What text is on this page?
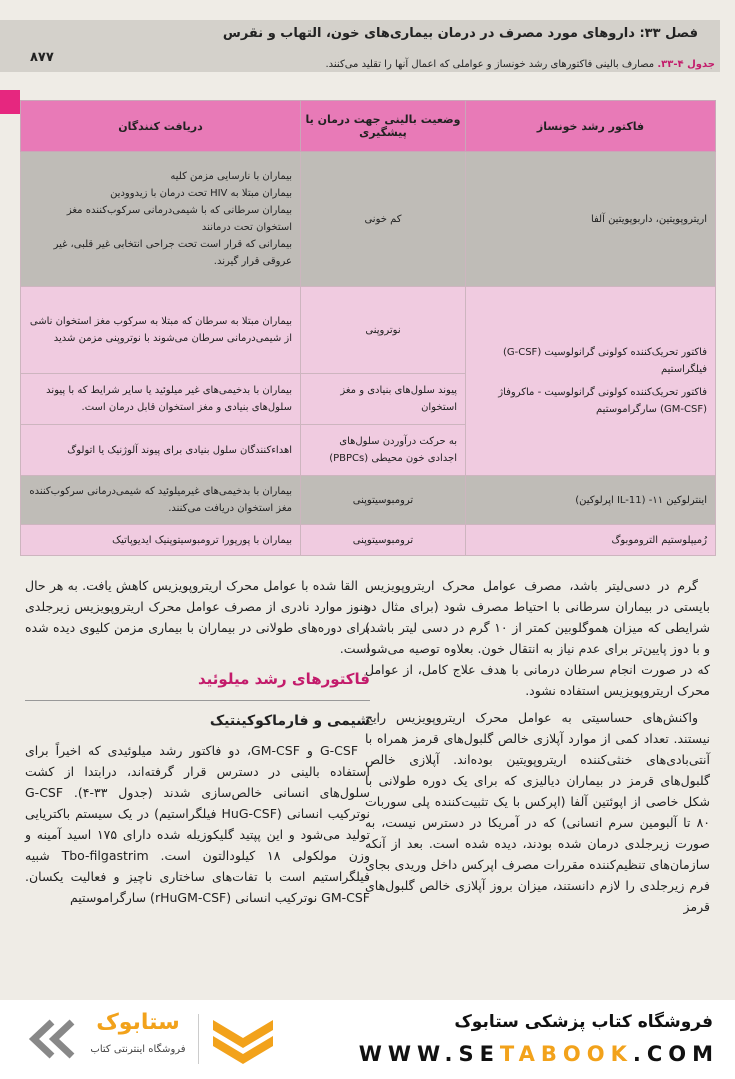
فصل ۳۳: داروهای مورد مصرف در درمان بیماری‌های خون، التهاب و نقرس
۸۷۷	جدول ۴-۳۳. مصارف بالینی فاکتورهای رشد خونساز و عواملی که اعمال آنها را تقلید می‌کنند.
فاکتور رشد خونساز	وضعیت بالینی جهت درمان یا پیشگیری	دریافت کنندگان
اریتروپویتین، داربوپویتین آلفا	کم خونی	بیماران با نارسایی مزمن کلیه
بیماران مبتلا به HIV تحت درمان با زیدوودین
بیماران سرطانی که با شیمی‌درمانی سرکوب‌کننده مغز استخوان تحت درمانند
بیمارانی که قرار است تحت جراحی انتخابی غیر قلبی، غیر عروقی قرار گیرند.

فاکتور تحریک‌کننده کولونی گرانولوسیت (G-CSF) فیلگراستیم
فاکتور تحریک‌کننده کولونی گرانولوسیت - ماکروفاژ (GM-CSF) سارگراموستیم	نوتروپنی	بیماران مبتلا به سرطان که مبتلا به سرکوب مغز استخوان ناشی از شیمی‌درمانی سرطان می‌شوند با نوتروپنی مزمن شدید
	پیوند سلول‌های بنیادی و مغز استخوان	بیماران با بدخیمی‌های غیر میلوئید یا سایر شرایط که با پیوند سلول‌های بنیادی و مغز استخوان قابل درمان است.
	به حرکت درآوردن سلول‌های اجدادی خون محیطی (PBPCs)	اهداءکنندگان سلول بنیادی برای پیوند آلوژنیک یا اتولوگ
اینترلوکین ۱۱- (IL-11 اپرلوکین)	ترومبوسیتوپنی	بیماران با بدخیمی‌های غیرمیلوئید که شیمی‌درمانی سرکوب‌کننده مغز استخوان دریافت می‌کنند.
رُمیپلوستیم التروموبوگ	ترومبوسیتوپنی	بیماران با پورپورا ترومبوسیتوپنیک ایدیوپاتیک

گرم در دسی‌لیتر باشد، مصرف عوامل محرک اریتروپویزیس بایستی در بیماران سرطانی با احتیاط مصرف شود (برای مثال در شرایطی که میزان هموگلوبین کمتر از ۱۰ گرم در دسی لیتر باشد) و با دوز پایین‌تر برای عدم نیاز به انتقال خون. بعلاوه توصیه می‌شود که در صورت انجام سرطان درمانی با هدف علاج کامل، از عوامل محرک اریتروپویزیس استفاده نشود.

واکنش‌های حساسیتی به عوامل محرک اریتروپویزیس رایج نیستند. تعداد کمی از موارد آپلازی خالص گلبول‌های قرمز همراه با آنتی‌بادی‌های خنثی‌کننده اریتروپویتین بوده‌اند. آپلازی خالص گلبول‌های قرمز در بیماران دیالیزی که برای یک دوره طولانی با شکل خاصی از اپوئتین آلفا (اپرکس با یک تثبیت‌کننده پلی سوربات ۸۰ تا آلبومین سرم انسانی) که در آمریکا در دسترس نیست، به صورت زیرجلدی درمان شده بودند، دیده شده است. بعد از آنکه سازمان‌های تنظیم‌کننده مقررات مصرف اپرکس داخل وریدی بجای فرم زیرجلدی را لازم دانستند، میزان بروز آپلازی خالص گلبول‌های قرمز

القا شده با عوامل محرک اریتروپویزیس کاهش یافت. به هر حال هنوز موارد نادری از مصرف عوامل محرک اریتروپویزیس زیرجلدی برای دوره‌های طولانی در بیماران با بیماری مزمن کلیوی دیده شده است.

فاکتورهای رشد میلوئید
شیمی و فارماکوکینتیک

G-CSF و GM-CSF، دو فاکتور رشد میلوئیدی که اخیراً برای استفاده بالینی در دسترس قرار گرفته‌اند، درابتدا از کشت سلول‌های انسانی خالص‌سازی شدند (جدول ۳۳-۴). G-CSF نوترکیب انسانی (HuG-CSF فیلگراستیم) در یک سیستم باکتریایی تولید می‌شود و این پپتید گلیکوزیله شده دارای ۱۷۵ اسید آمینه و وزن مولکولی ۱۸ کیلودالتون است. Tbo-filgastrim شبیه فیلگراستیم است با تفات‌های ساختاری ناچیز و فعالیت یکسان. GM-CSF نوترکیب انسانی (rHuGM-CSF) سارگراموستیم

فروشگاه کتاب پزشکی ستابوک
WWW.SETABOOK.COM
ستابوک
فروشگاه اینترنتی کتاب
